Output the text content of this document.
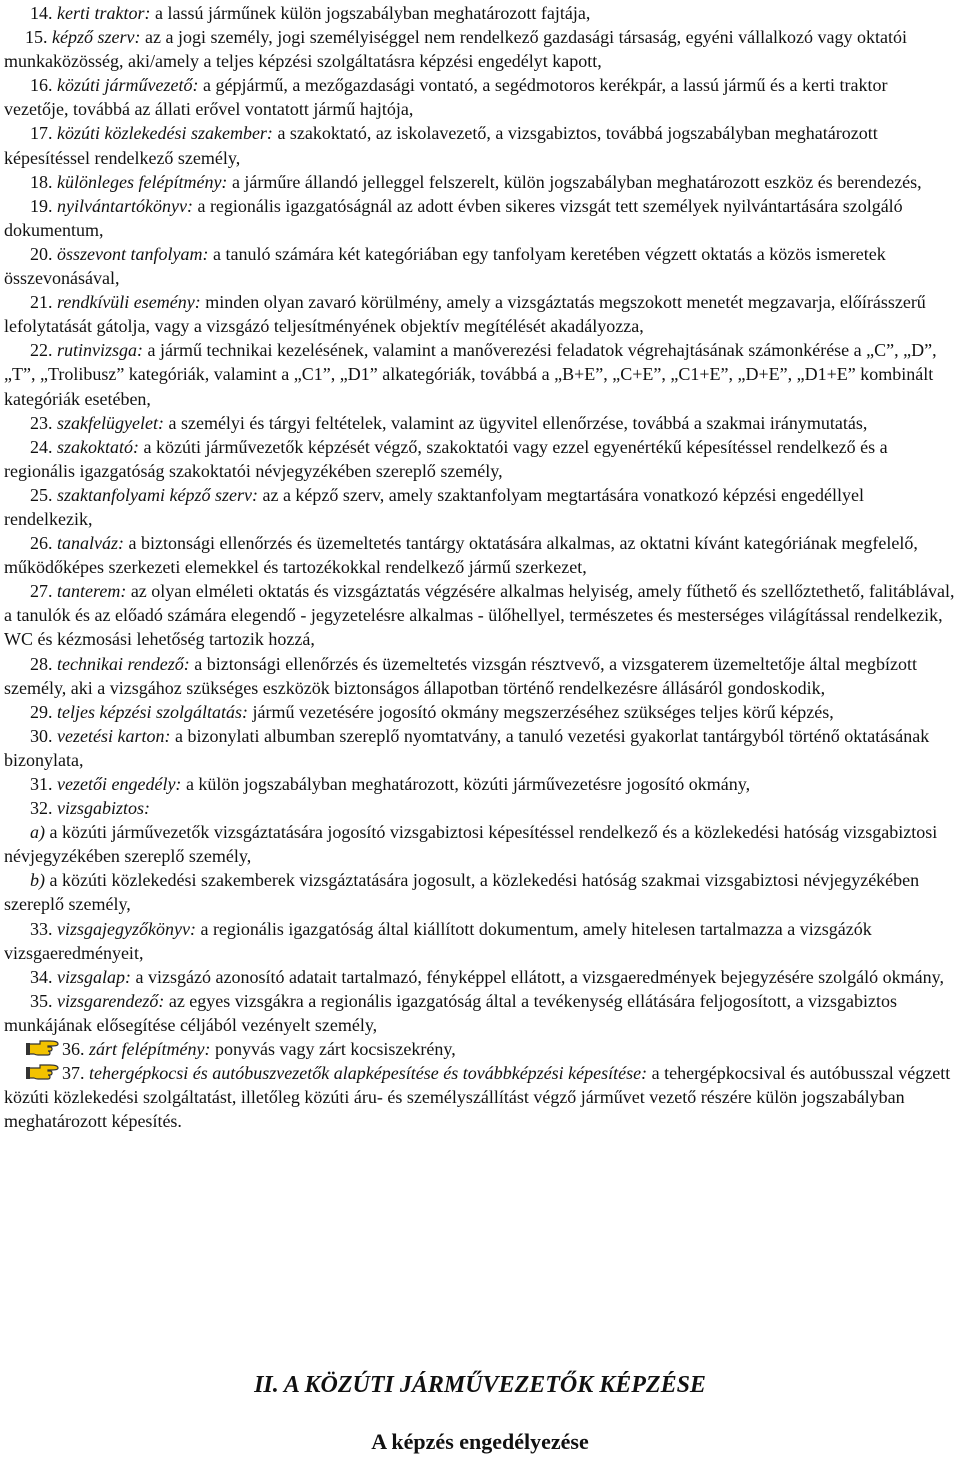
14. kerti traktor: a lassú járműnek külön jogszabályban meghatározott fajtája,

15. képző szerv: az a jogi személy, jogi személyiséggel nem rendelkező gazdasági társaság, egyéni vállalkozó vagy oktatói munkaközösség, aki/amely a teljes képzési szolgáltatásra képzési engedélyt kapott,

16. közúti járművezető: a gépjármű, a mezőgazdasági vontató, a segédmotoros kerékpár, a lassú jármű és a kerti traktor vezetője, továbbá az állati erővel vontatott jármű hajtója,

17. közúti közlekedési szakember: a szakoktató, az iskolavezető, a vizsgabiztos, továbbá jogszabályban meghatározott képesítéssel rendelkező személy,

18. különleges felépítmény: a járműre állandó jelleggel felszerelt, külön jogszabályban meghatározott eszköz és berendezés,

19. nyilvántartókönyv: a regionális igazgatóságnál az adott évben sikeres vizsgát tett személyek nyilvántartására szolgáló dokumentum,

20. összevont tanfolyam: a tanuló számára két kategóriában egy tanfolyam keretében végzett oktatás a közös ismeretek összevonásával,

21. rendkívüli esemény: minden olyan zavaró körülmény, amely a vizsgáztatás megszokott menetét megzavarja, előírásszerű lefolytatását gátolja, vagy a vizsgázó teljesítményének objektív megítélését akadályozza,

22. rutinvizsga: a jármű technikai kezelésének, valamint a manőverezési feladatok végrehajtásának számonkérése a „C”, „D”, „T”, „Trolibusz” kategóriák, valamint a „C1”, „D1” alkategóriák, továbbá a „B+E”, „C+E”, „C1+E”, „D+E”, „D1+E” kombinált kategóriák esetében,

23. szakfelügyelet: a személyi és tárgyi feltételek, valamint az ügyvitel ellenőrzése, továbbá a szakmai iránymutatás,

24. szakoktató: a közúti járművezetők képzését végző, szakoktatói vagy ezzel egyenértékű képesítéssel rendelkező és a regionális igazgatóság szakoktatói névjegyzékében szereplő személy,

25. szaktanfolyami képző szerv: az a képző szerv, amely szaktanfolyam megtartására vonatkozó képzési engedéllyel rendelkezik,

26. tanalváz: a biztonsági ellenőrzés és üzemeltetés tantárgy oktatására alkalmas, az oktatni kívánt kategóriának megfelelő, működőképes szerkezeti elemekkel és tartozékokkal rendelkező jármű szerkezet,

27. tanterem: az olyan elméleti oktatás és vizsgáztatás végzésére alkalmas helyiség, amely fűthető és szellőztethető, falitáblával, a tanulók és az előadó számára elegendő - jegyzetelésre alkalmas - ülőhellyel, természetes és mesterséges világítással rendelkezik, WC és kézmosási lehetőség tartozik hozzá,

28. technikai rendező: a biztonsági ellenőrzés és üzemeltetés vizsgán résztvevő, a vizsgaterem üzemeltetője által megbízott személy, aki a vizsgához szükséges eszközök biztonságos állapotban történő rendelkezésre állásáról gondoskodik,

29. teljes képzési szolgáltatás: jármű vezetésére jogosító okmány megszerzéséhez szükséges teljes körű képzés,

30. vezetési karton: a bizonylati albumban szereplő nyomtatvány, a tanuló vezetési gyakorlat tantárgyból történő oktatásának bizonylata,

31. vezetői engedély: a külön jogszabályban meghatározott, közúti járművezetésre jogosító okmány,

32. vizsgabiztos:

a) a közúti járművezetők vizsgáztatására jogosító vizsgabiztosi képesítéssel rendelkező és a közlekedési hatóság vizsgabiztosi névjegyzékében szereplő személy,

b) a közúti közlekedési szakemberek vizsgáztatására jogosult, a közlekedési hatóság szakmai vizsgabiztosi névjegyzékében szereplő személy,

33. vizsgajegyzőkönyv: a regionális igazgatóság által kiállított dokumentum, amely hitelesen tartalmazza a vizsgázók vizsgaeredményeit,

34. vizsgalap: a vizsgázó azonosító adatait tartalmazó, fényképpel ellátott, a vizsgaeredmények bejegyzésére szolgáló okmány,

35. vizsgarendező: az egyes vizsgákra a regionális igazgatóság által a tevékenység ellátására feljogosított, a vizsgabiztos munkájának elősegítése céljából vezényelt személy,

36. zárt felépítmény: ponyvás vagy zárt kocsiszekrény,

37. tehergépkocsi és autóbuszvezetők alapképesítése és továbbképzési képesítése: a tehergépkocsival és autóbusszal végzett közúti közlekedési szolgáltatást, illetőleg közúti áru- és személyszállítást végző járművet vezető részére külön jogszabályban meghatározott képesítés.

II. A KÖZÚTI JÁRMŰVEZETŐK KÉPZÉSE
A képzés engedélyezése
